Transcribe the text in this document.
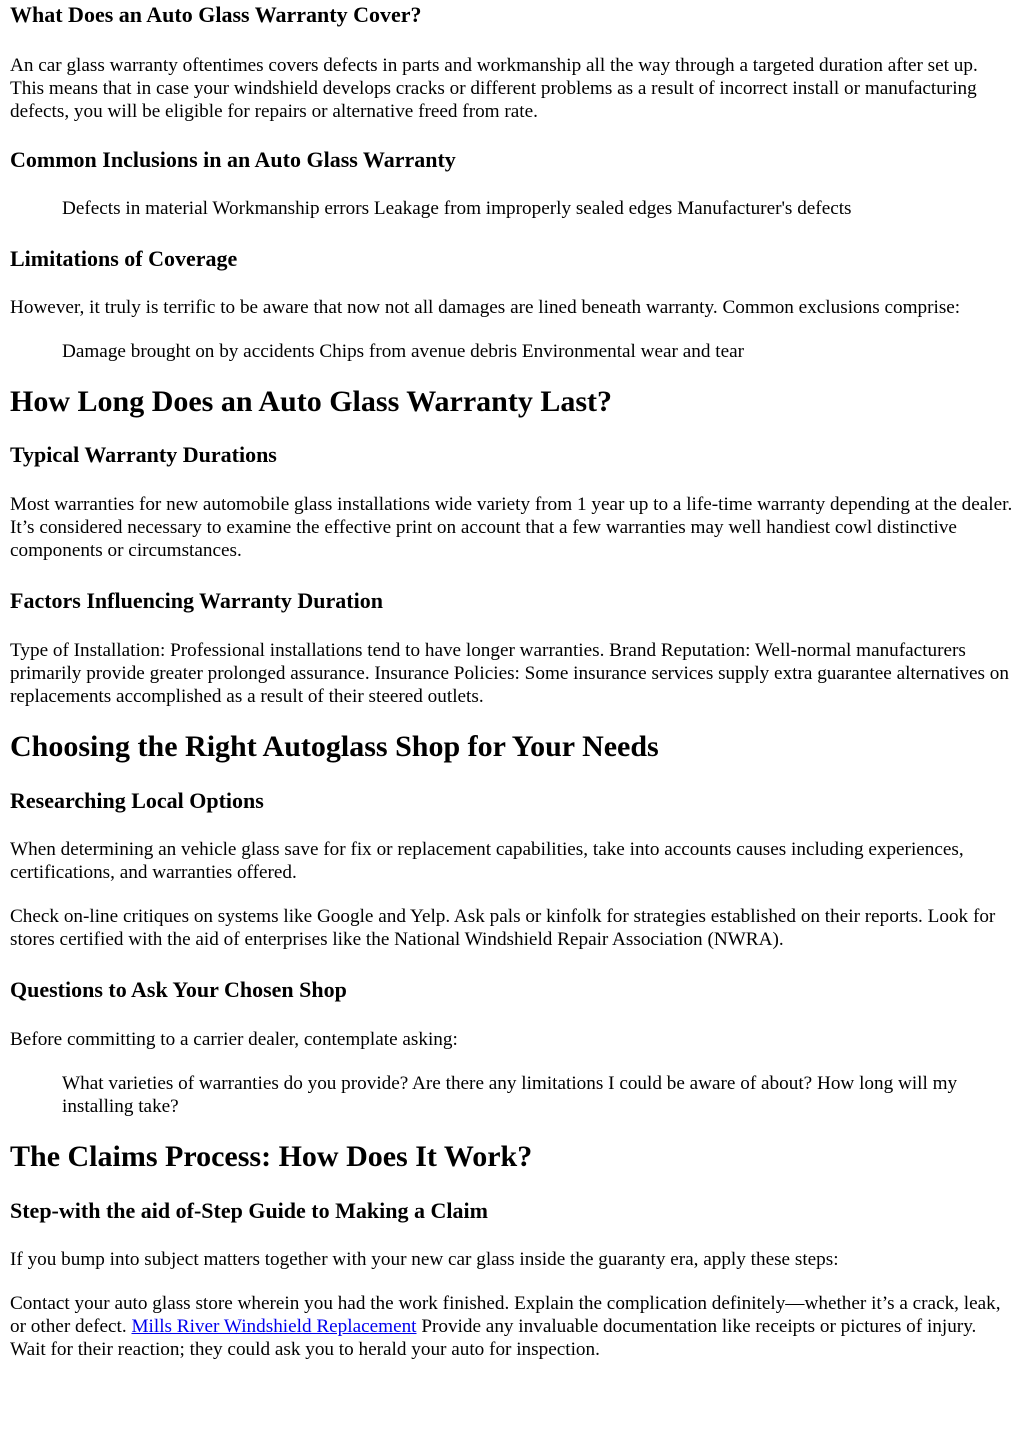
What Does an Auto Glass Warranty Cover?

An car glass warranty oftentimes covers defects in parts and workmanship all the way through a targeted duration after set up. This means that in case your windshield develops cracks or different problems as a result of incorrect install or manufacturing defects, you will be eligible for repairs or alternative freed from rate.

Common Inclusions in an Auto Glass Warranty

Defects in material Workmanship errors Leakage from improperly sealed edges Manufacturer's defects

Limitations of Coverage

However, it truly is terrific to be aware that now not all damages are lined beneath warranty. Common exclusions comprise:

Damage brought on by accidents Chips from avenue debris Environmental wear and tear

How Long Does an Auto Glass Warranty Last?
Typical Warranty Durations

Most warranties for new automobile glass installations wide variety from 1 year up to a life-time warranty depending at the dealer. It’s considered necessary to examine the effective print on account that a few warranties may well handiest cowl distinctive components or circumstances.

Factors Influencing Warranty Duration

Type of Installation: Professional installations tend to have longer warranties. Brand Reputation: Well-normal manufacturers primarily provide greater prolonged assurance. Insurance Policies: Some insurance services supply extra guarantee alternatives on replacements accomplished as a result of their steered outlets.

Choosing the Right Autoglass Shop for Your Needs
Researching Local Options

When determining an vehicle glass save for fix or replacement capabilities, take into accounts causes including experiences, certifications, and warranties offered.

Check on-line critiques on systems like Google and Yelp. Ask pals or kinfolk for strategies established on their reports. Look for stores certified with the aid of enterprises like the National Windshield Repair Association (NWRA).

Questions to Ask Your Chosen Shop

Before committing to a carrier dealer, contemplate asking:

What varieties of warranties do you provide? Are there any limitations I could be aware of about? How long will my installing take?

The Claims Process: How Does It Work?
Step-with the aid of-Step Guide to Making a Claim

If you bump into subject matters together with your new car glass inside the guaranty era, apply these steps:

Contact your auto glass store wherein you had the work finished. Explain the complication definitely—whether it’s a crack, leak, or other defect. Mills River Windshield Replacement Provide any invaluable documentation like receipts or pictures of injury. Wait for their reaction; they could ask you to herald your auto for inspection.
